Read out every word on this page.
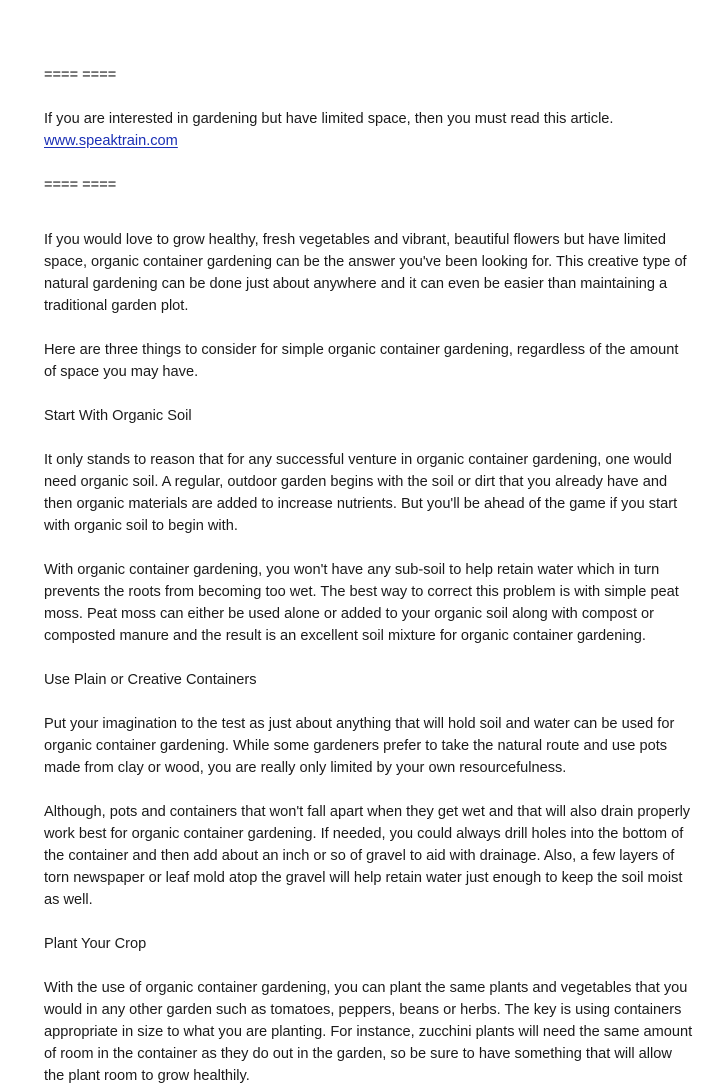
==== ====

If you are interested in gardening but have limited space, then you must read this article.

www.speaktrain.com

==== ====

If you would love to grow healthy, fresh vegetables and vibrant, beautiful flowers but have limited space, organic container gardening can be the answer you've been looking for. This creative type of natural gardening can be done just about anywhere and it can even be easier than maintaining a traditional garden plot.

Here are three things to consider for simple organic container gardening, regardless of the amount of space you may have.

Start With Organic Soil

It only stands to reason that for any successful venture in organic container gardening, one would need organic soil. A regular, outdoor garden begins with the soil or dirt that you already have and then organic materials are added to increase nutrients. But you'll be ahead of the game if you start with organic soil to begin with.

With organic container gardening, you won't have any sub-soil to help retain water which in turn prevents the roots from becoming too wet. The best way to correct this problem is with simple peat moss. Peat moss can either be used alone or added to your organic soil along with compost or composted manure and the result is an excellent soil mixture for organic container gardening.

Use Plain or Creative Containers

Put your imagination to the test as just about anything that will hold soil and water can be used for organic container gardening. While some gardeners prefer to take the natural route and use pots made from clay or wood, you are really only limited by your own resourcefulness.

Although, pots and containers that won't fall apart when they get wet and that will also drain properly work best for organic container gardening. If needed, you could always drill holes into the bottom of the container and then add about an inch or so of gravel to aid with drainage. Also, a few layers of torn newspaper or leaf mold atop the gravel will help retain water just enough to keep the soil moist as well.

Plant Your Crop

With the use of organic container gardening, you can plant the same plants and vegetables that you would in any other garden such as tomatoes, peppers, beans or herbs. The key is using containers appropriate in size to what you are planting. For instance, zucchini plants will need the same amount of room in the container as they do out in the garden, so be sure to have something that will allow the plant room to grow healthily.
